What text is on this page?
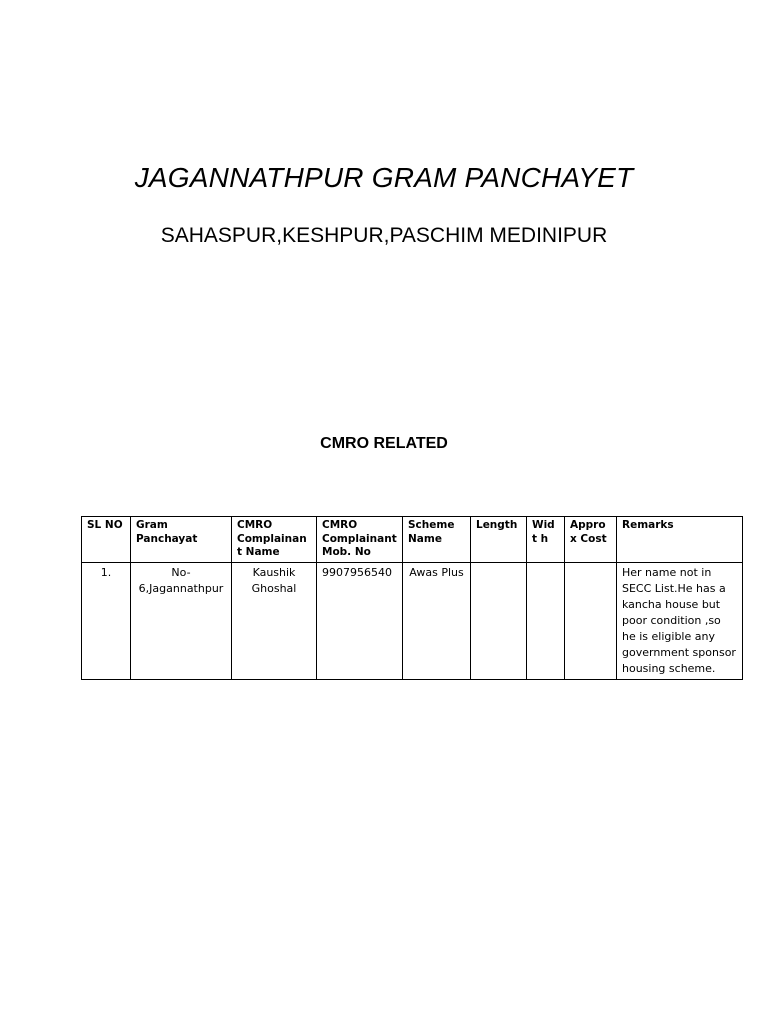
JAGANNATHPUR GRAM PANCHAYET
SAHASPUR,KESHPUR,PASCHIM MEDINIPUR
CMRO RELATED
SL NO	Gram Panchayat	CMRO Complainant Name	CMRO Complainant Mob. No	Scheme Name	Length	Widt h	Approx Cost	Remarks
1.	No-6,Jagannathpur	Kaushik Ghoshal	9907956540	Awas Plus				Her name not in SECC List.He has a kancha house but poor condition ,so he is eligible any government sponsor housing scheme.
